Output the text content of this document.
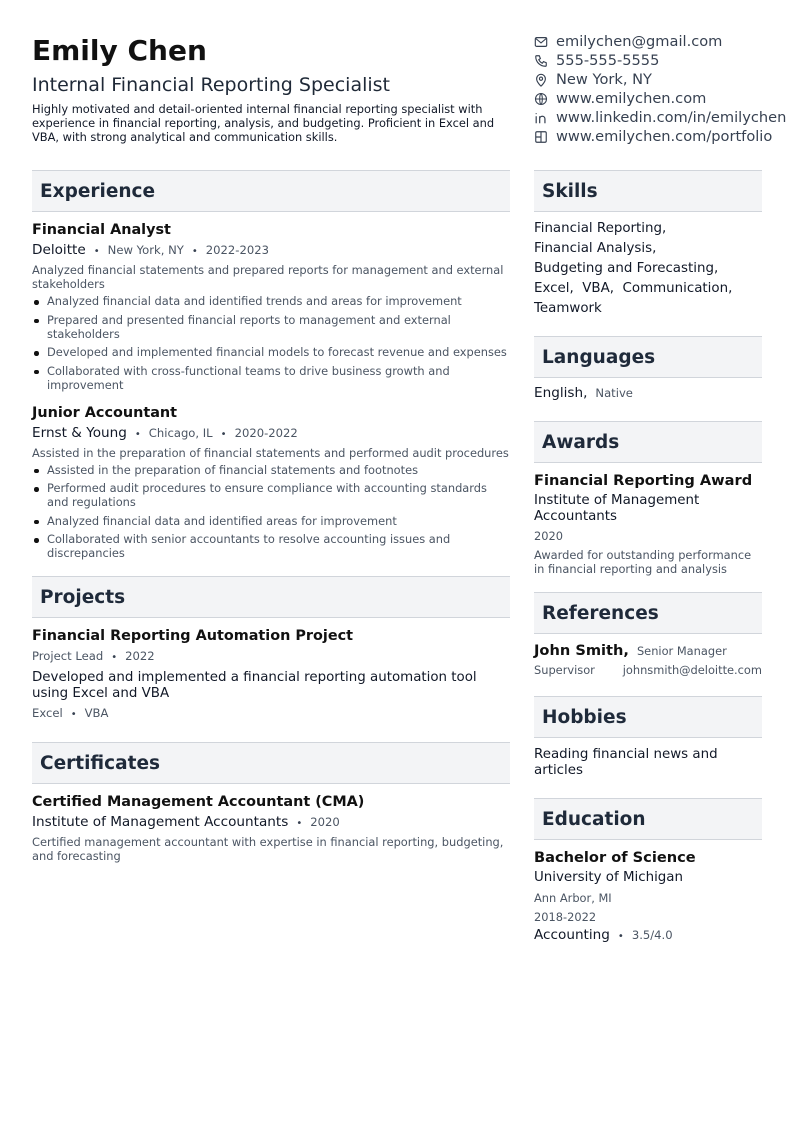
Emily Chen
Internal Financial Reporting Specialist
Highly motivated and detail-oriented internal financial reporting specialist with experience in financial reporting, analysis, and budgeting. Proficient in Excel and VBA, with strong analytical and communication skills.
Experience
Financial Analyst
Deloitte • New York, NY • 2022-2023
Analyzed financial statements and prepared reports for management and external stakeholders
Analyzed financial data and identified trends and areas for improvement
Prepared and presented financial reports to management and external stakeholders
Developed and implemented financial models to forecast revenue and expenses
Collaborated with cross-functional teams to drive business growth and improvement
Junior Accountant
Ernst & Young • Chicago, IL • 2020-2022
Assisted in the preparation of financial statements and performed audit procedures
Assisted in the preparation of financial statements and footnotes
Performed audit procedures to ensure compliance with accounting standards and regulations
Analyzed financial data and identified areas for improvement
Collaborated with senior accountants to resolve accounting issues and discrepancies
Projects
Financial Reporting Automation Project
Project Lead • 2022
Developed and implemented a financial reporting automation tool using Excel and VBA
Excel • VBA
Certificates
Certified Management Accountant (CMA)
Institute of Management Accountants • 2020
Certified management accountant with expertise in financial reporting, budgeting, and forecasting
emilychen@gmail.com
555-555-5555
New York, NY
www.emilychen.com
www.linkedin.com/in/emilychen
www.emilychen.com/portfolio
Skills
Financial Reporting,
Financial Analysis,
Budgeting and Forecasting,
Excel, VBA, Communication,
Teamwork
Languages
English, Native
Awards
Financial Reporting Award
Institute of Management Accountants
2020
Awarded for outstanding performance in financial reporting and analysis
References
John Smith, Senior Manager
Supervisor johnsmith@deloitte.com
Hobbies
Reading financial news and articles
Education
Bachelor of Science
University of Michigan
Ann Arbor, MI
2018-2022
Accounting • 3.5/4.0
